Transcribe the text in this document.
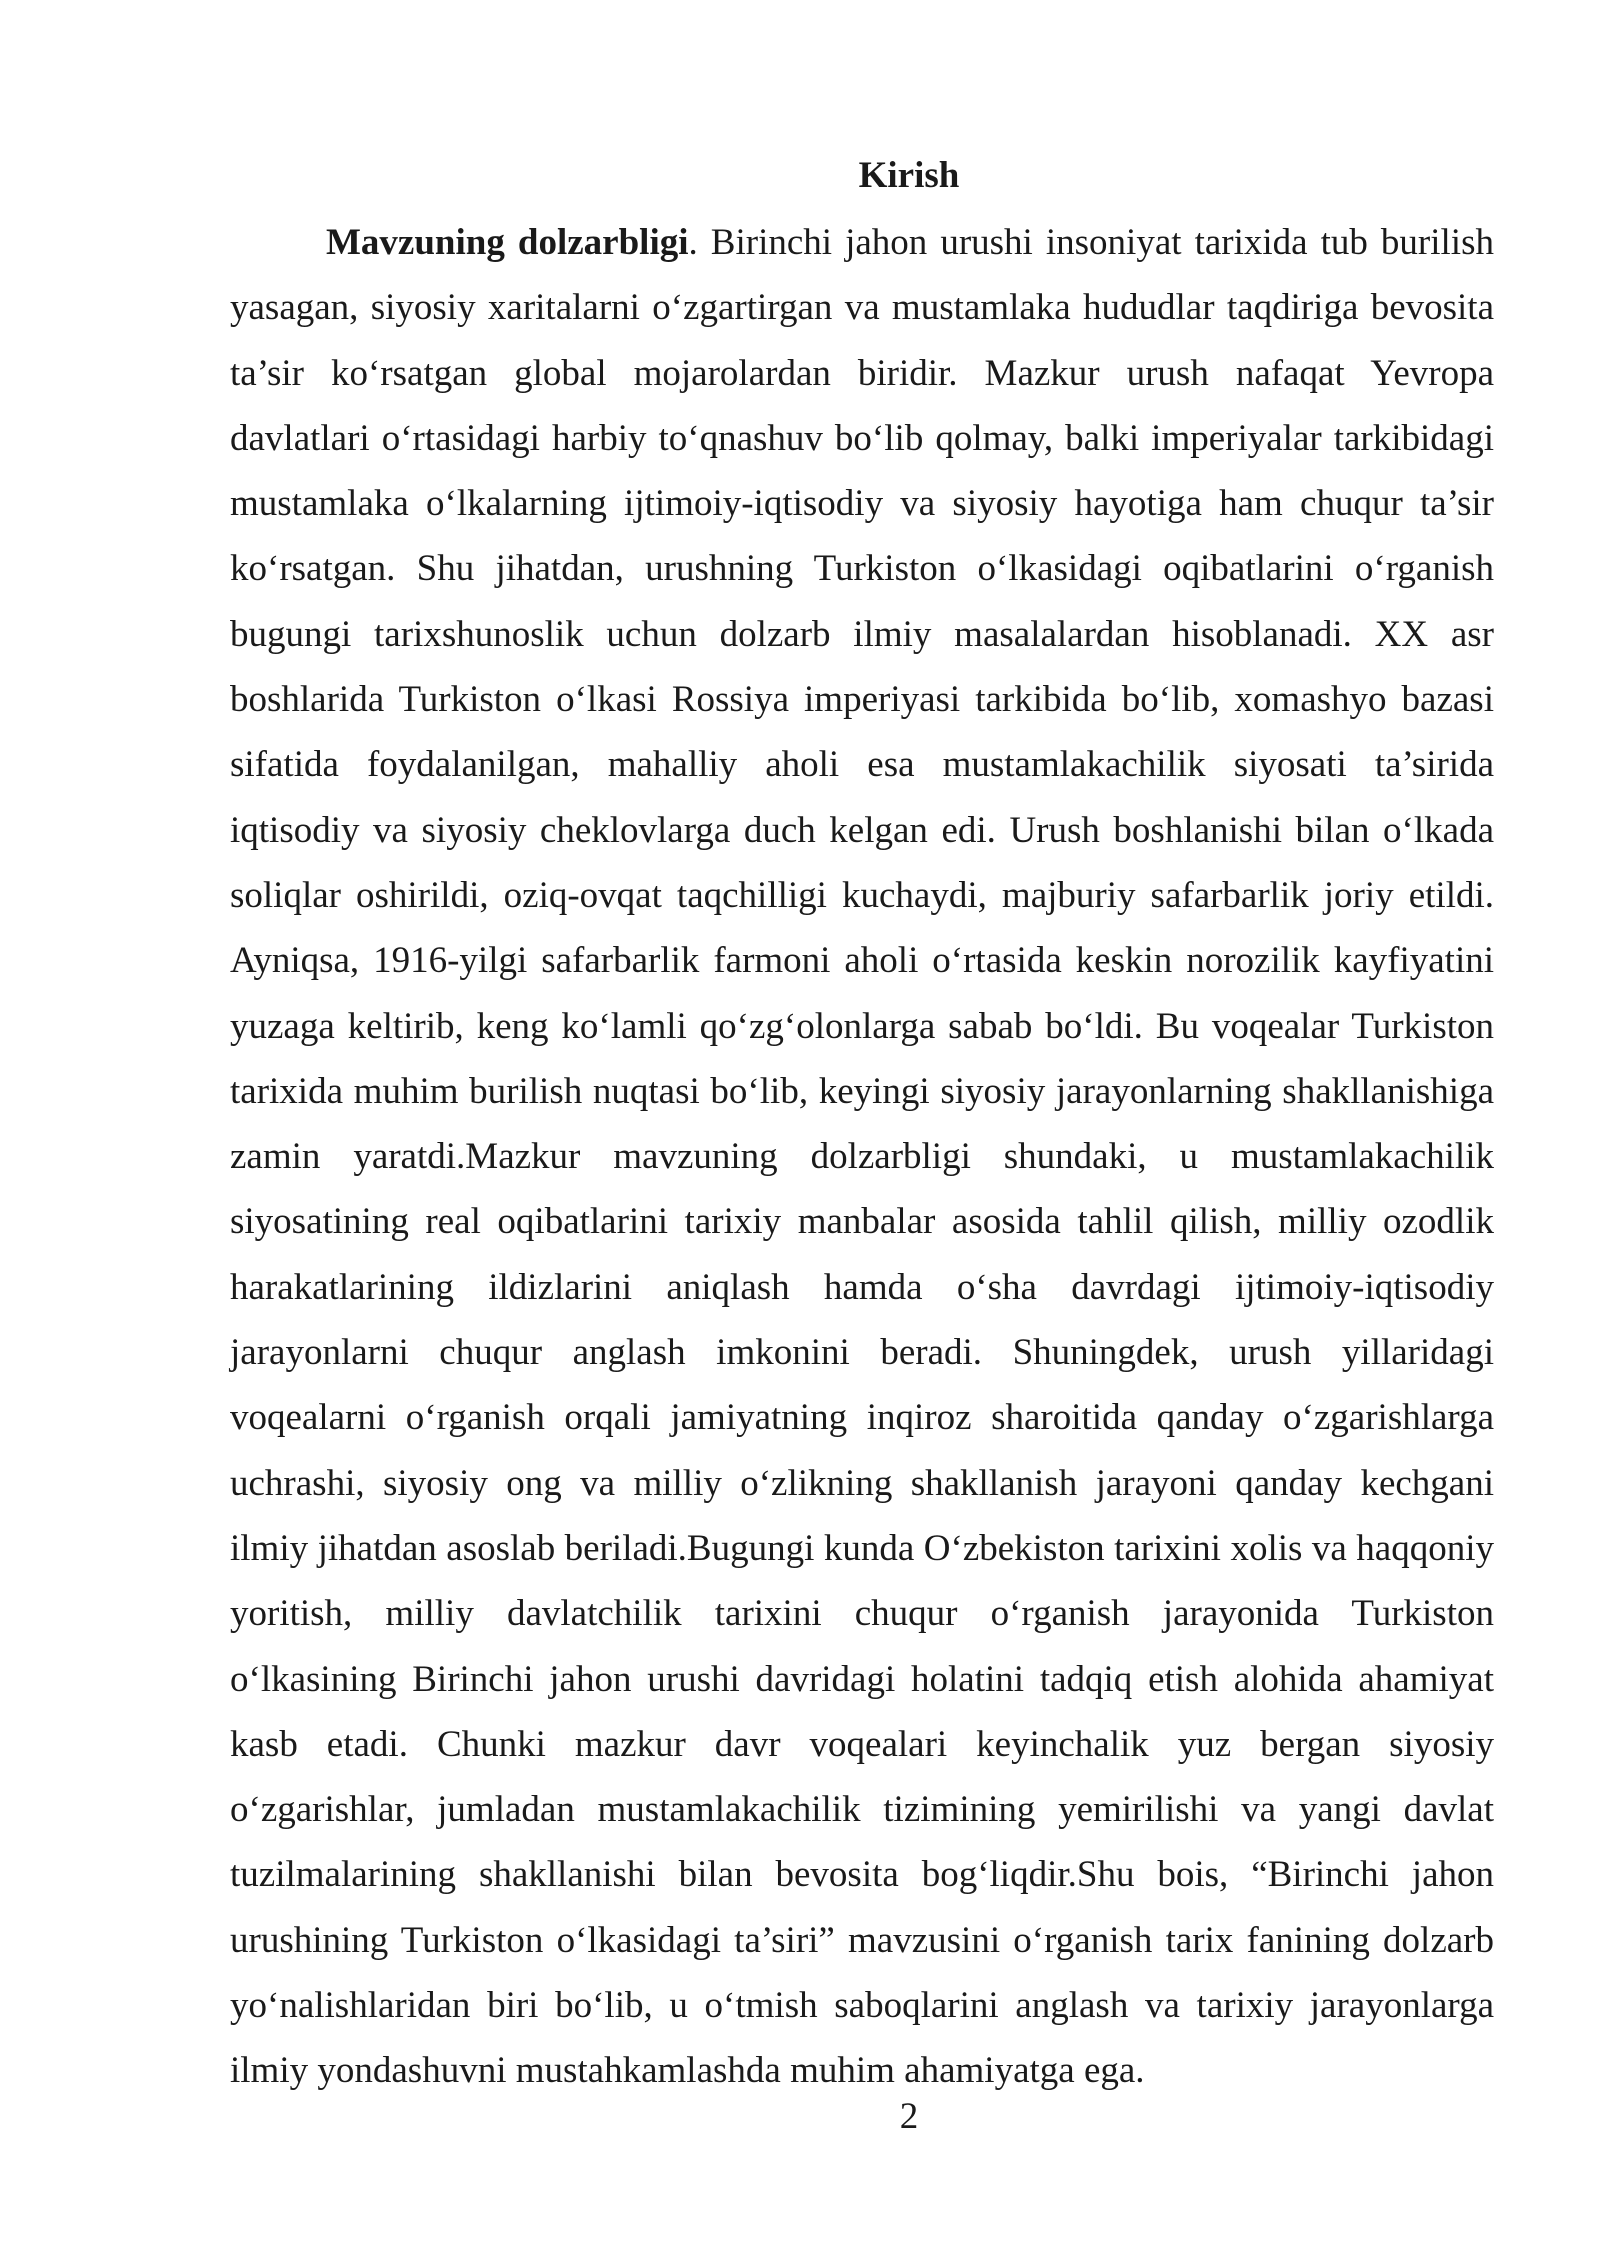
Kirish

Mavzuning dolzarbligi. Birinchi jahon urushi insoniyat tarixida tub burilish yasagan, siyosiy xaritalarni o‘zgartirgan va mustamlaka hududlar taqdiriga bevosita ta’sir ko‘rsatgan global mojarolardan biridir. Mazkur urush nafaqat Yevropa davlatlari o‘rtasidagi harbiy to‘qnashuv bo‘lib qolmay, balki imperiyalar tarkibidagi mustamlaka o‘lkalarning ijtimoiy-iqtisodiy va siyosiy hayotiga ham chuqur ta’sir ko‘rsatgan. Shu jihatdan, urushning Turkiston o‘lkasidagi oqibatlarini o‘rganish bugungi tarixshunoslik uchun dolzarb ilmiy masalalardan hisoblanadi. XX asr boshlarida Turkiston o‘lkasi Rossiya imperiyasi tarkibida bo‘lib, xomashyo bazasi sifatida foydalanilgan, mahalliy aholi esa mustamlakachilik siyosati ta’sirida iqtisodiy va siyosiy cheklovlarga duch kelgan edi. Urush boshlanishi bilan o‘lkada soliqlar oshirildi, oziq-ovqat taqchilligi kuchaydi, majburiy safarbarlik joriy etildi. Ayniqsa, 1916-yilgi safarbarlik farmoni aholi o‘rtasida keskin norozilik kayfiyatini yuzaga keltirib, keng ko‘lamli qo‘zg‘olonlarga sabab bo‘ldi. Bu voqealar Turkiston tarixida muhim burilish nuqtasi bo‘lib, keyingi siyosiy jarayonlarning shakllanishiga zamin yaratdi.Mazkur mavzuning dolzarbligi shundaki, u mustamlakachilik siyosatining real oqibatlarini tarixiy manbalar asosida tahlil qilish, milliy ozodlik harakatlarining ildizlarini aniqlash hamda o‘sha davrdagi ijtimoiy-iqtisodiy jarayonlarni chuqur anglash imkonini beradi. Shuningdek, urush yillaridagi voqealarni o‘rganish orqali jamiyatning inqiroz sharoitida qanday o‘zgarishlarga uchrashi, siyosiy ong va milliy o‘zlikning shakllanish jarayoni qanday kechgani ilmiy jihatdan asoslab beriladi.Bugungi kunda O‘zbekiston tarixini xolis va haqqoniy yoritish, milliy davlatchilik tarixini chuqur o‘rganish jarayonida Turkiston o‘lkasining Birinchi jahon urushi davridagi holatini tadqiq etish alohida ahamiyat kasb etadi. Chunki mazkur davr voqealari keyinchalik yuz bergan siyosiy o‘zgarishlar, jumladan mustamlakachilik tizimining yemirilishi va yangi davlat tuzilmalarining shakllanishi bilan bevosita bog‘liqdir.Shu bois, “Birinchi jahon urushining Turkiston o‘lkasidagi ta’siri” mavzusini o‘rganish tarix fanining dolzarb yo‘nalishlaridan biri bo‘lib, u o‘tmish saboqlarini anglash va tarixiy jarayonlarga ilmiy yondashuvni mustahkamlashda muhim ahamiyatga ega.

2
